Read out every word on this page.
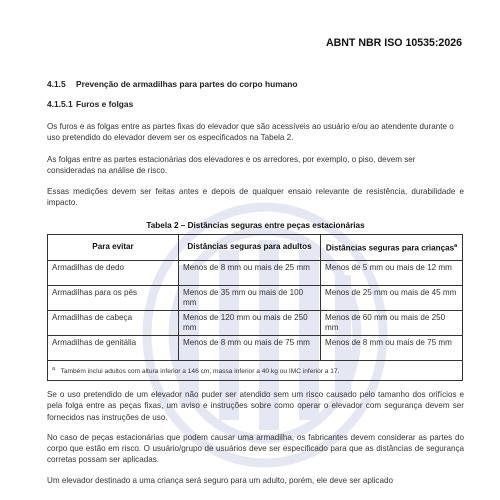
ABNT NBR ISO 10535:2026
4.1.5 Prevenção de armadilhas para partes do corpo humano
4.1.5.1 Furos e folgas

Os furos e as folgas entre as partes fixas do elevador que são acessíveis ao usuário e/ou ao atendente durante o uso pretendido do elevador devem ser os especificados na Tabela 2.

As folgas entre as partes estacionárias dos elevadores e os arredores, por exemplo, o piso, devem ser consideradas na análise de risco.

Essas medições devem ser feitas antes e depois de qualquer ensaio relevante de resistência, durabilidade e impacto.

Tabela 2 – Distâncias seguras entre peças estacionárias
Para evitar	Distâncias seguras para adultos	Distâncias seguras para crianças$^a$
Armadilhas de dedo	Menos de 8 mm ou mais de 25 mm	Menos de 5 mm ou mais de 12 mm
Armadilhas para os pés	Menos de 35 mm ou mais de 100 mm	Menos de 25 mm ou mais de 45 mm
Armadilhas de cabeça	Menos de 120 mm ou mais de 250 mm	Menos de 60 mm ou mais de 250 mm
Armadilhas de genitália	Menos de 8 mm ou mais de 75 mm	Menos de 8 mm ou mais de 75 mm
$^a$ Também inclui adultos com altura inferior a 146 cm, massa inferior a 40 kg ou IMC inferior a 17.		

Se o uso pretendido de um elevador não puder ser atendido sem um risco causado pelo tamanho dos orifícios e pela folga entre as peças fixas, um aviso e instruções sobre como operar o elevador com segurança devem ser fornecidos nas instruções de uso.

No caso de peças estacionárias que podem causar uma armadilha, os fabricantes devem considerar as partes do corpo que estão em risco. O usuário/grupo de usuários deve ser especificado para que as distâncias de segurança corretas possam ser aplicadas.

Um elevador destinado a uma criança será seguro para um adulto, porém, ele deve ser aplicado
